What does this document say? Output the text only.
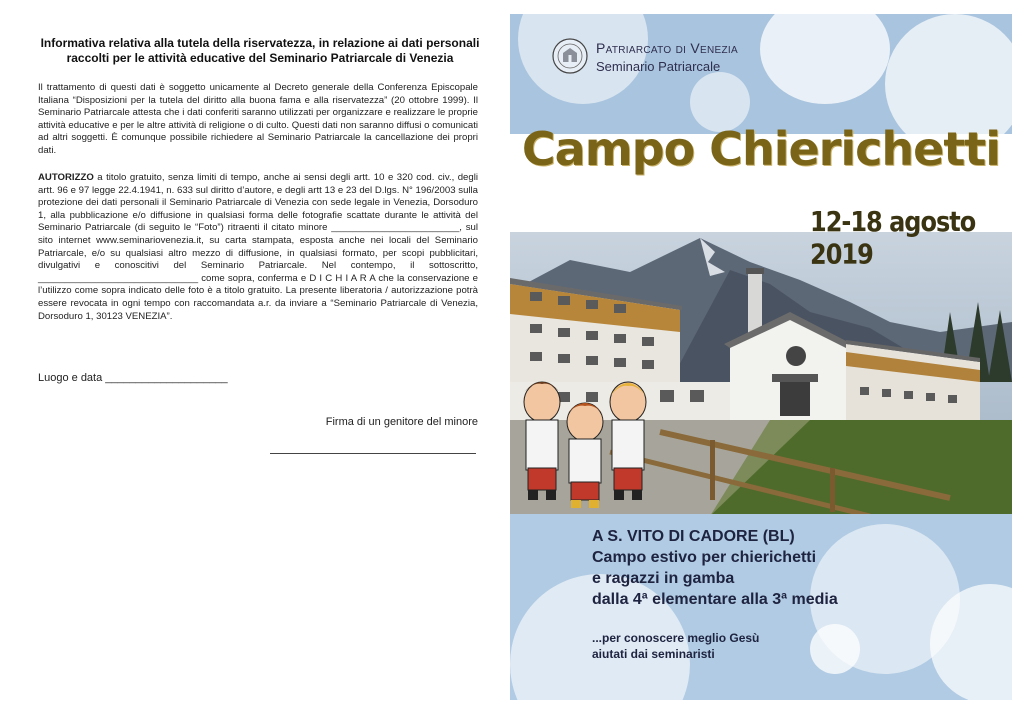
Informativa relativa alla tutela della riservatezza, in relazione ai dati personali
raccolti per le attività educative del Seminario Patriarcale di Venezia
Il trattamento di questi dati è soggetto unicamente al Decreto generale della Conferenza Episcopale Italiana “Disposizioni per la tutela del diritto alla buona fama e alla riservatezza” (20 ottobre 1999). Il Seminario Patriarcale attesta che i dati conferiti saranno utilizzati per organizzare e realizzare le proprie attività educative e per le altre attività di religione o di culto. Questi dati non saranno diffusi o comunicati ad altri soggetti. È comunque possibile richiedere al Seminario Patriarcale la cancellazione dei propri dati.
AUTORIZZO a titolo gratuito, senza limiti di tempo, anche ai sensi degli artt. 10 e 320 cod. civ., degli artt. 96 e 97 legge 22.4.1941, n. 633 sul diritto d’autore, e degli artt 13 e 23 del D.lgs. N° 196/2003 sulla protezione dei dati personali il Seminario Patriarcale di Venezia con sede legale in Venezia, Dorsoduro 1, alla pubblicazione e/o diffusione in qualsiasi forma delle fotografie scattate durante le attività del Seminario Patriarcale (di seguito le “Foto”) ritraenti il citato minore ________________________, sul sito internet www.seminariovenezia.it, su carta stampata, esposta anche nei locali del Seminario Patriarcale, e/o su qualsiasi altro mezzo di diffusione, in qualsiasi formato, per scopi pubblicitari, divulgativi e conoscitivi del Seminario Patriarcale. Nel contempo, il sottoscritto, ______________________________ come sopra, conferma e D I C H I A R A che la conservazione e l’utilizzo come sopra indicato delle foto è a titolo gratuito. La presente liberatoria / autorizzazione potrà essere revocata in ogni tempo con raccomandata a.r. da inviare a “Seminario Patriarcale di Venezia, Dorsoduro 1, 30123 VENEZIA”.
Luogo e data ____________________
Firma di un genitore del minore
Patriarcato di Venezia
Seminario Patriarcale
Campo Chierichetti
12-18 agosto 2019
A S. VITO DI CADORE (BL)
Campo estivo per chierichetti
e ragazzi in gamba
dalla 4ª elementare alla 3ª media
...per conoscere meglio Gesù
aiutati dai seminaristi
